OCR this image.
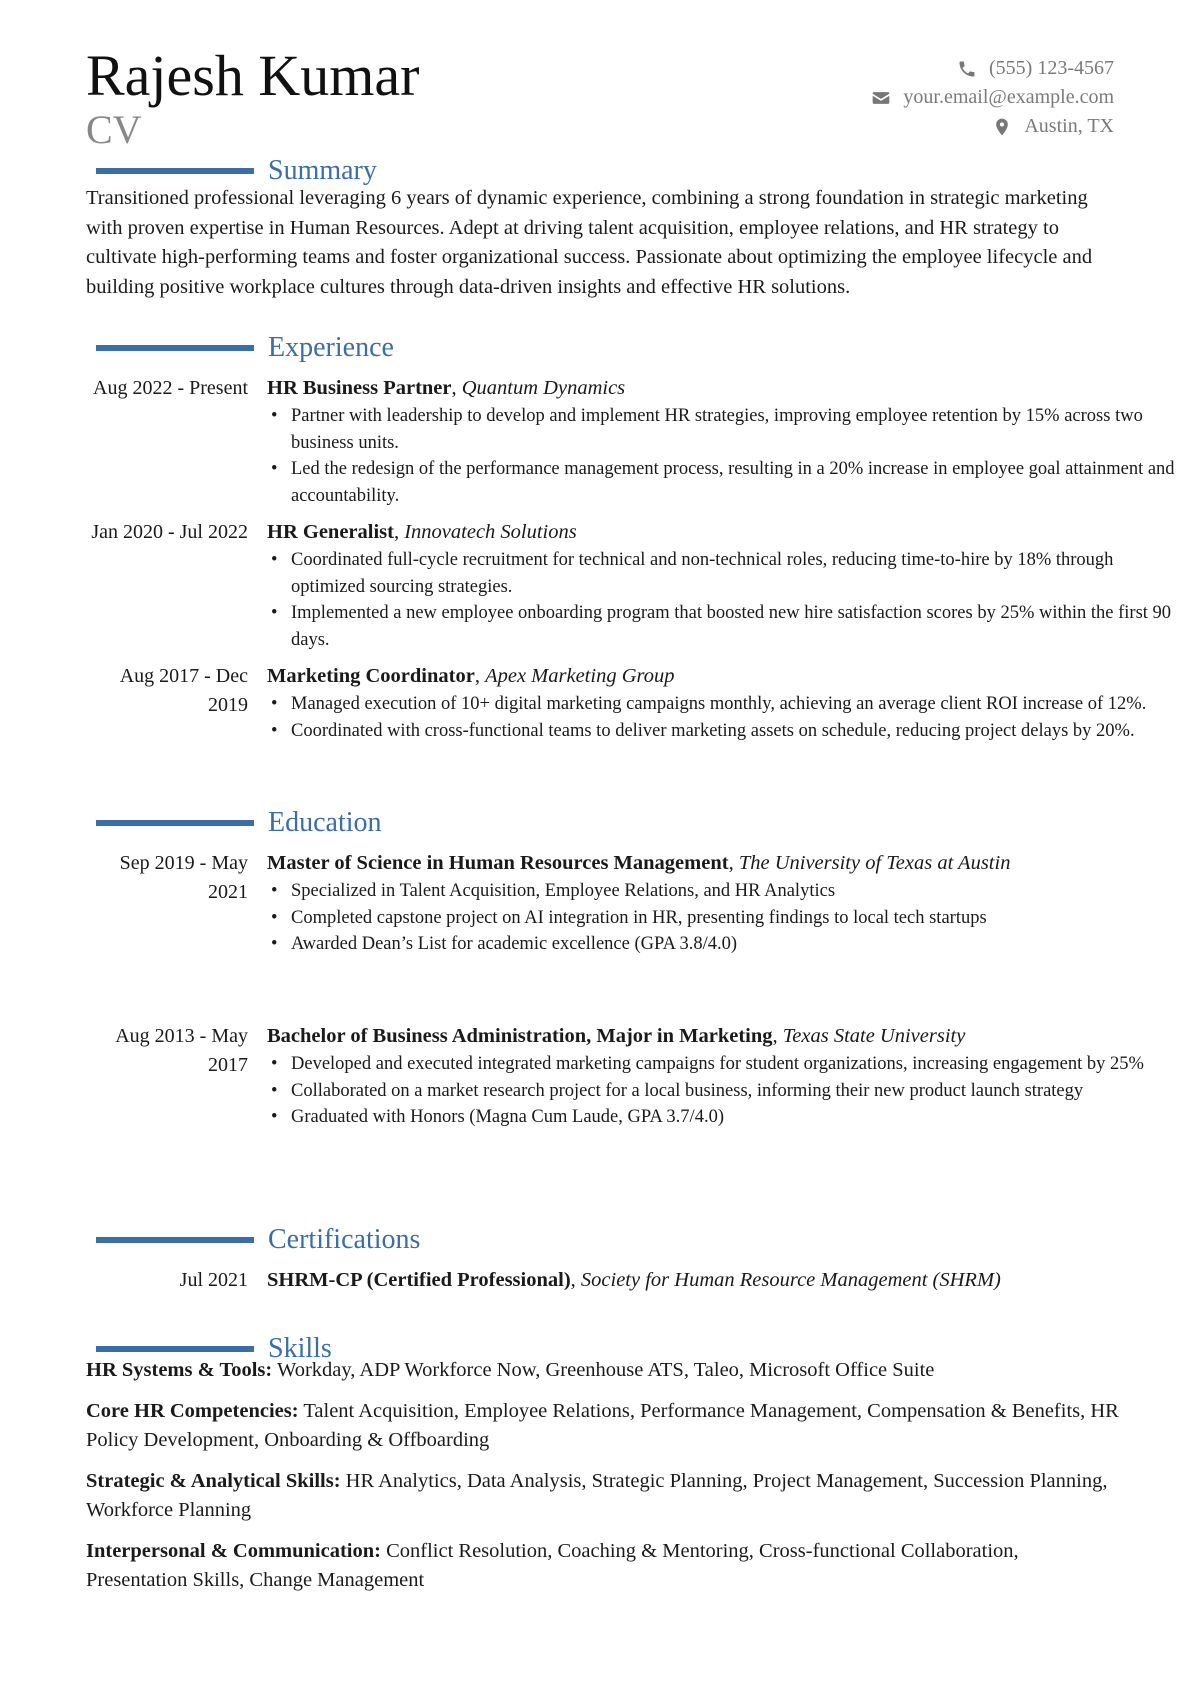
Rajesh Kumar
CV
(555) 123-4567
your.email@example.com
Austin, TX
Summary

Transitioned professional leveraging 6 years of dynamic experience, combining a strong foundation in strategic marketing with proven expertise in Human Resources. Adept at driving talent acquisition, employee relations, and HR strategy to cultivate high-performing teams and foster organizational success. Passionate about optimizing the employee lifecycle and building positive workplace cultures through data-driven insights and effective HR solutions.

Experience
Aug 2022 - Present HR Business Partner, Quantum Dynamics
• Partner with leadership to develop and implement HR strategies, improving employee retention by 15% across two business units.
• Led the redesign of the performance management process, resulting in a 20% increase in employee goal attainment and accountability.
Jan 2020 - Jul 2022 HR Generalist, Innovatech Solutions
• Coordinated full-cycle recruitment for technical and non-technical roles, reducing time-to-hire by 18% through optimized sourcing strategies.
• Implemented a new employee onboarding program that boosted new hire satisfaction scores by 25% within the first 90 days.
Aug 2017 - Dec 2019
Marketing Coordinator, Apex Marketing Group
• Managed execution of 10+ digital marketing campaigns monthly, achieving an average client ROI increase of 12%.
• Coordinated with cross-functional teams to deliver marketing assets on schedule, reducing project delays by 20%.
Education
Sep 2019 - May 2021
Master of Science in Human Resources Management, The University of Texas at Austin
• Specialized in Talent Acquisition, Employee Relations, and HR Analytics
• Completed capstone project on AI integration in HR, presenting findings to local tech startups
• Awarded Dean’s List for academic excellence (GPA 3.8/4.0)
Aug 2013 - May 2017
Bachelor of Business Administration, Major in Marketing, Texas State University
• Developed and executed integrated marketing campaigns for student organizations, increasing engagement by 25%
• Collaborated on a market research project for a local business, informing their new product launch strategy
• Graduated with Honors (Magna Cum Laude, GPA 3.7/4.0)
Certifications
Jul 2021 SHRM-CP (Certified Professional), Society for Human Resource Management (SHRM)
Skills

HR Systems & Tools: Workday, ADP Workforce Now, Greenhouse ATS, Taleo, Microsoft Office Suite

Core HR Competencies: Talent Acquisition, Employee Relations, Performance Management, Compensation & Benefits, HR Policy Development, Onboarding & Offboarding

Strategic & Analytical Skills: HR Analytics, Data Analysis, Strategic Planning, Project Management, Succession Planning, Workforce Planning

Interpersonal & Communication: Conflict Resolution, Coaching & Mentoring, Cross-functional Collaboration, Presentation Skills, Change Management
